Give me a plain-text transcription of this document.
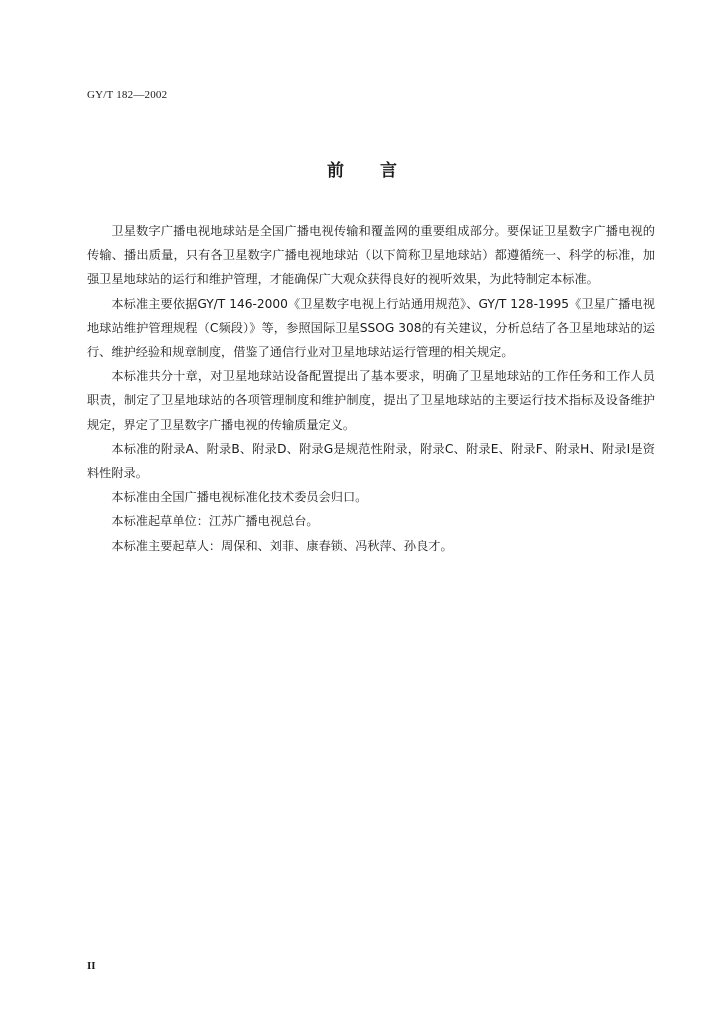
GY/T 182—2002
前言

卫星数字广播电视地球站是全国广播电视传输和覆盖网的重要组成部分。要保证卫星数字广播电视的传输、播出质量，只有各卫星数字广播电视地球站（以下简称卫星地球站）都遵循统一、科学的标准，加强卫星地球站的运行和维护管理，才能确保广大观众获得良好的视听效果，为此特制定本标准。

本标准主要依据GY/T 146-2000《卫星数字电视上行站通用规范》、GY/T 128-1995《卫星广播电视地球站维护管理规程（C频段）》等，参照国际卫星SSOG 308的有关建议，分析总结了各卫星地球站的运行、维护经验和规章制度，借鉴了通信行业对卫星地球站运行管理的相关规定。

本标准共分十章，对卫星地球站设备配置提出了基本要求，明确了卫星地球站的工作任务和工作人员职责，制定了卫星地球站的各项管理制度和维护制度，提出了卫星地球站的主要运行技术指标及设备维护规定，界定了卫星数字广播电视的传输质量定义。

本标准的附录A、附录B、附录D、附录G是规范性附录，附录C、附录E、附录F、附录H、附录I是资料性附录。

本标准由全国广播电视标准化技术委员会归口。

本标准起草单位：江苏广播电视总台。

本标准主要起草人：周保和、刘菲、康春锁、冯秋萍、孙良才。

II
